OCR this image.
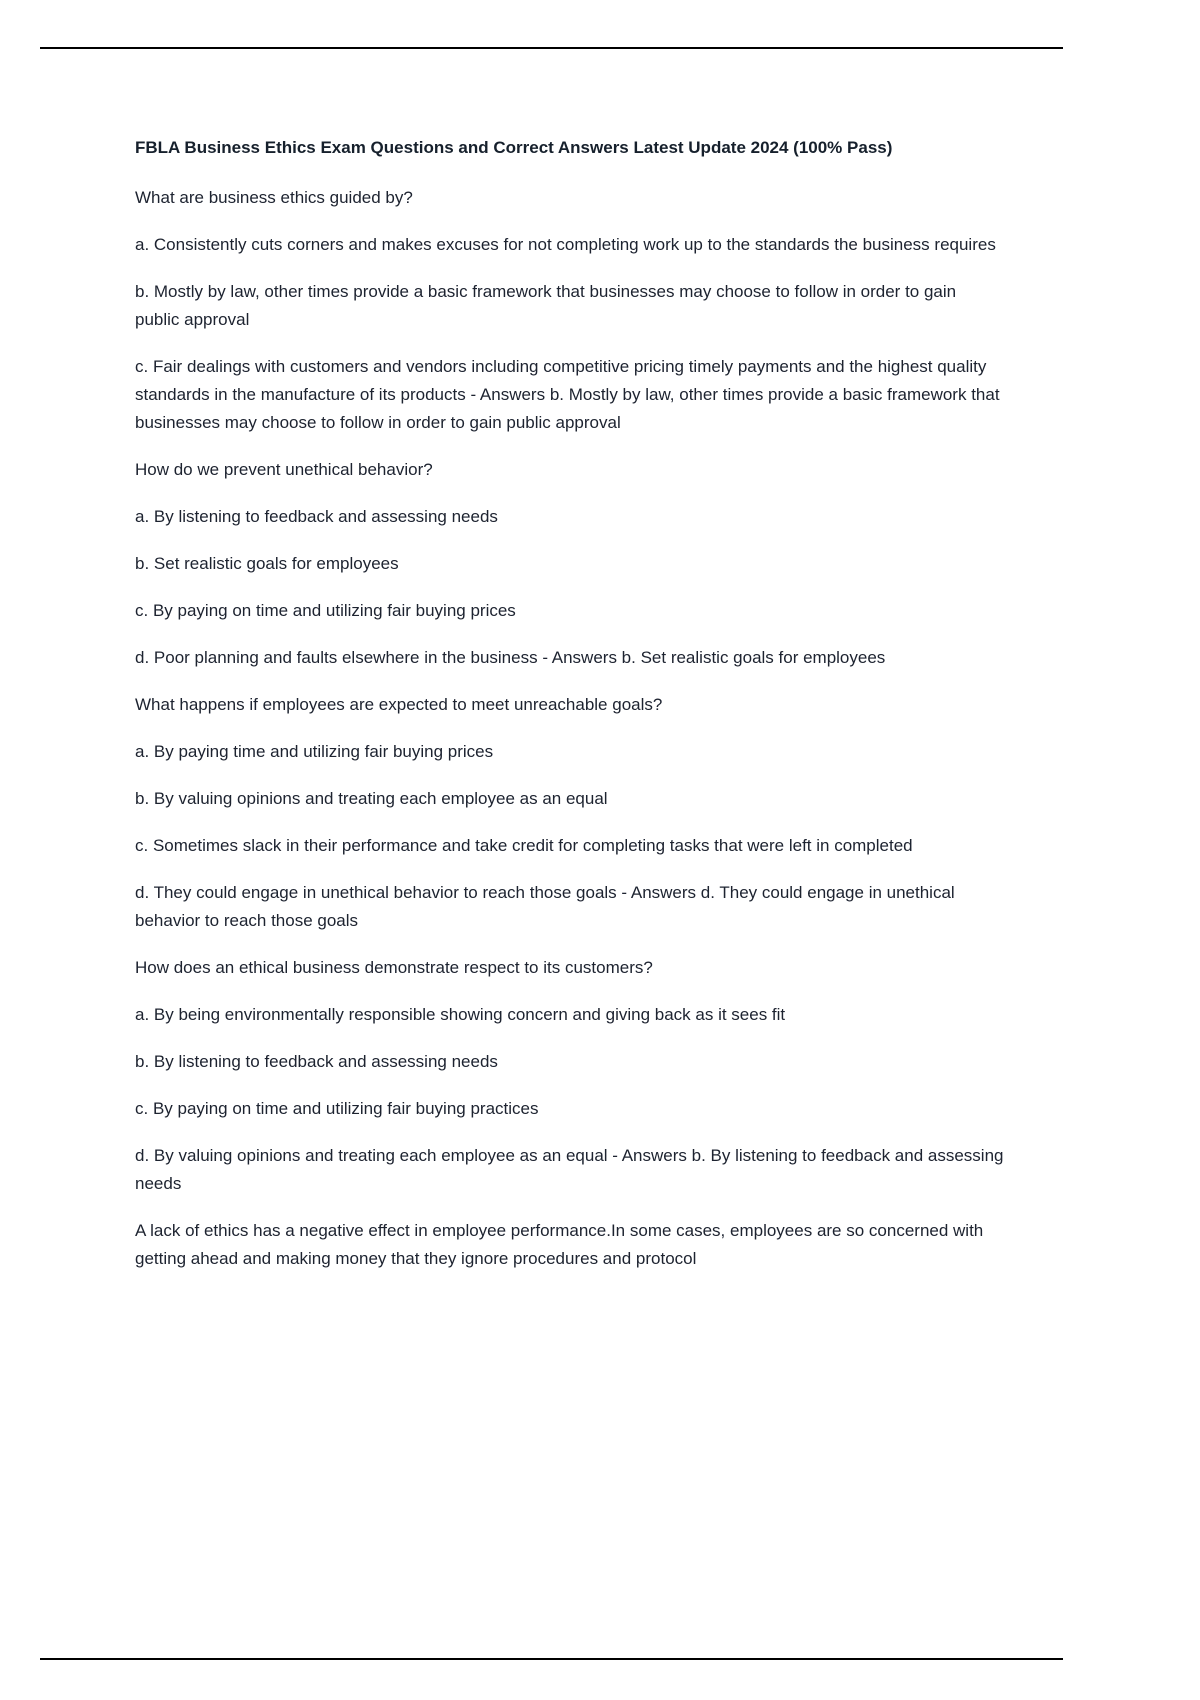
FBLA Business Ethics Exam Questions and Correct Answers Latest Update 2024 (100% Pass)

What are business ethics guided by?

a. Consistently cuts corners and makes excuses for not completing work up to the standards the business requires

b. Mostly by law, other times provide a basic framework that businesses may choose to follow in order to gain public approval

c. Fair dealings with customers and vendors including competitive pricing timely payments and the highest quality standards in the manufacture of its products - Answers b. Mostly by law, other times provide a basic framework that businesses may choose to follow in order to gain public approval

How do we prevent unethical behavior?

a. By listening to feedback and assessing needs

b. Set realistic goals for employees

c. By paying on time and utilizing fair buying prices

d. Poor planning and faults elsewhere in the business - Answers b. Set realistic goals for employees

What happens if employees are expected to meet unreachable goals?

a. By paying time and utilizing fair buying prices

b. By valuing opinions and treating each employee as an equal

c. Sometimes slack in their performance and take credit for completing tasks that were left in completed

d. They could engage in unethical behavior to reach those goals - Answers d. They could engage in unethical behavior to reach those goals

How does an ethical business demonstrate respect to its customers?

a. By being environmentally responsible showing concern and giving back as it sees fit

b. By listening to feedback and assessing needs

c. By paying on time and utilizing fair buying practices

d. By valuing opinions and treating each employee as an equal - Answers b. By listening to feedback and assessing needs

A lack of ethics has a negative effect in employee performance.In some cases, employees are so concerned with getting ahead and making money that they ignore procedures and protocol
